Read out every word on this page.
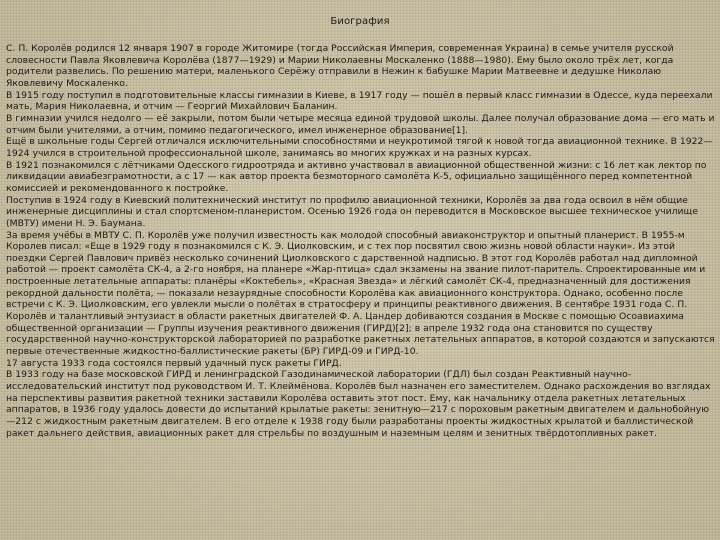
Биография

С. П. Королёв родился 12 января 1907 в городе Житомире (тогда Российская Империя, современная Украина) в семье учителя русской словесности Павла Яковлевича Королёва (1877—1929) и Марии Николаевны Москаленко (1888—1980). Ему было около трёх лет, когда родители развелись. По решению матери, маленького Серёжу отправили в Нежин к бабушке Марии Матвеевне и дедушке Николаю Яковлевичу Москаленко.

В 1915 году поступил в подготовительные классы гимназии в Киеве, в 1917 году — пошёл в первый класс гимназии в Одессе, куда переехали мать, Мария Николаевна, и отчим — Георгий Михайлович Баланин.

В гимназии учился недолго — её закрыли, потом были четыре месяца единой трудовой школы. Далее получал образование дома — его мать и отчим были учителями, а отчим, помимо педагогического, имел инженерное образование[1].

Ещё в школьные годы Сергей отличался исключительными способностями и неукротимой тягой к новой тогда авиационной технике. В 1922—1924 учился в строительной профессиональной школе, занимаясь во многих кружках и на разных курсах.

В 1921 познакомился с лётчиками Одесского гидроотряда и активно участвовал в авиационной общественной жизни: с 16 лет как лектор по ликвидации авиабезграмотности, а с 17 — как автор проекта безмоторного самолёта К-5, официально защищённого перед компетентной комиссией и рекомендованного к постройке.

Поступив в 1924 году в Киевский политехнический институт по профилю авиационной техники, Королёв за два года освоил в нём общие инженерные дисциплины и стал спортсменом-планеристом. Осенью 1926 года он переводится в Московское высшее техническое училище (МВТУ) имени Н. Э. Баумана.

За время учёбы в МВТУ С. П. Королёв уже получил известность как молодой способный авиаконструктор и опытный планерист. В 1955-м Королев писал: «Еще в 1929 году я познакомился с К. Э. Циолковским, и с тех пор посвятил свою жизнь новой области науки». Из этой поездки Сергей Павлович привёз несколько сочинений Циолковского с дарственной надписью. В этот год Королёв работал над дипломной работой — проект самолёта СК-4, а 2-го ноября, на планере «Жар-птица» сдал экзамены на звание пилот-паритель. Спроектированные им и построенные летательные аппараты: планёры «Коктебель», «Красная Звезда» и лёгкий самолёт СК-4, предназначенный для достижения рекордной дальности полёта, — показали незаурядные способности Королёва как авиационного конструктора. Однако, особенно после встречи с К. Э. Циолковским, его увлекли мысли о полётах в стратосферу и принципы реактивного движения. В сентябре 1931 года С. П. Королёв и талантливый энтузиаст в области ракетных двигателей Ф. А. Цандер добиваются создания в Москве с помощью Осоавиахима общественной организации — Группы изучения реактивного движения (ГИРД)[2]; в апреле 1932 года она становится по существу государственной научно-конструкторской лабораторией по разработке ракетных летательных аппаратов, в которой создаются и запускаются первые отечественные жидкостно-баллистические ракеты (БР) ГИРД-09 и ГИРД-10.

17 августа 1933 года состоялся первый удачный пуск ракеты ГИРД.

В 1933 году на базе московской ГИРД и ленинградской Газодинамической лаборатории (ГДЛ) был создан Реактивный научно-исследовательский институт под руководством И. Т. Клеймёнова. Королёв был назначен его заместителем. Однако расхождения во взглядах на перспективы развития ракетной техники заставили Королёва оставить этот пост. Ему, как начальнику отдела ракетных летательных аппаратов, в 1936 году удалось довести до испытаний крылатые ракеты: зенитную—217 с пороховым ракетным двигателем и дальнобойную—212 с жидкостным ракетным двигателем. В его отделе к 1938 году были разработаны проекты жидкостных крылатой и баллистической ракет дальнего действия, авиационных ракет для стрельбы по воздушным и наземным целям и зенитных твёрдотопливных ракет.
